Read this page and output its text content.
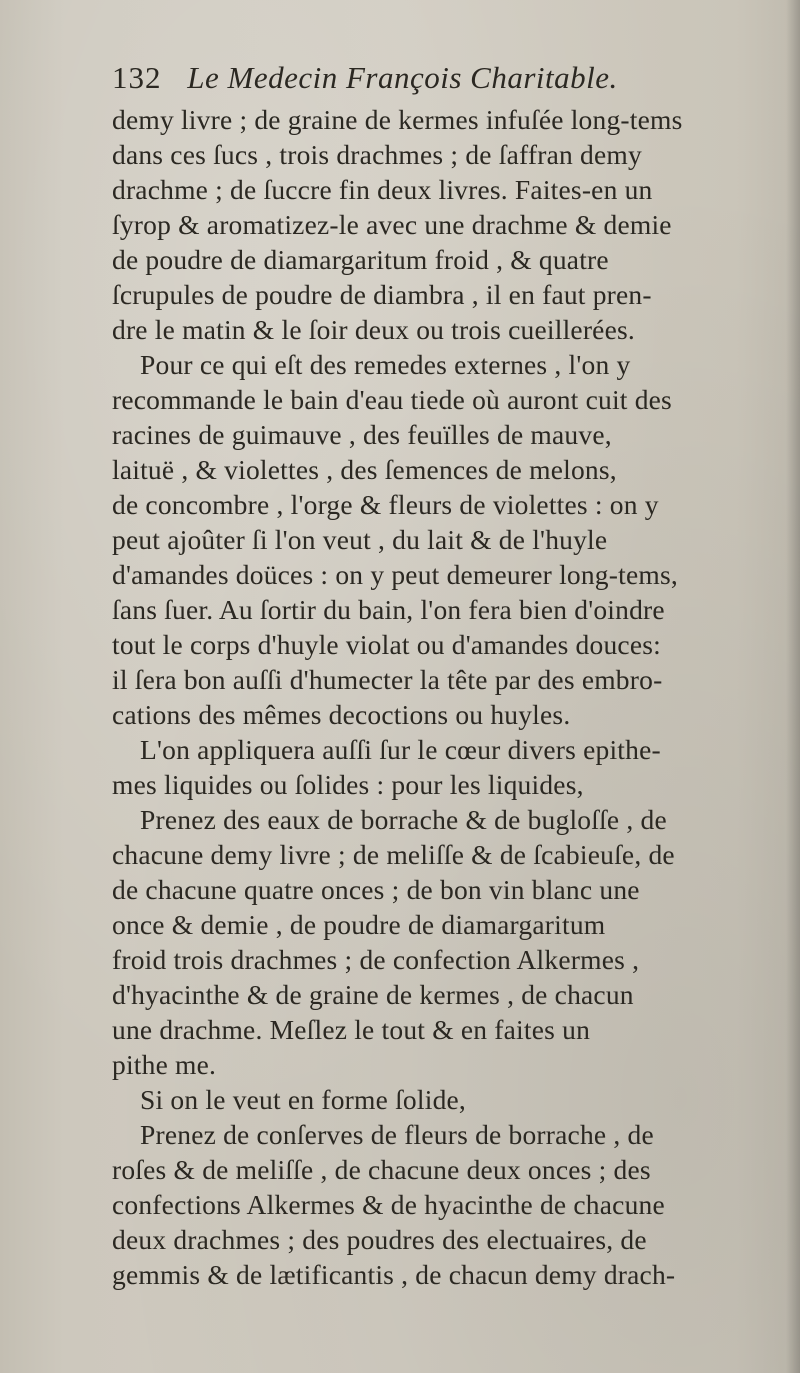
132 Le Medecin François Charitable.
demy livre ; de graine de kermes infuſée long-tems
dans ces ſucs , trois drachmes ; de ſaffran demy
drachme ; de ſuccre fin deux livres. Faites-en un
ſyrop & aromatizez-le avec une drachme & demie
de poudre de diamargaritum froid , & quatre
ſcrupules de poudre de diambra , il en faut pren-
dre le matin & le ſoir deux ou trois cueillerées.
Pour ce qui eſt des remedes externes , l'on y
recommande le bain d'eau tiede où auront cuit des
racines de guimauve , des feuïlles de mauve,
laituë , & violettes , des ſemences de melons,
de concombre , l'orge & fleurs de violettes : on y
peut ajoûter ſi l'on veut , du lait & de l'huyle
d'amandes doüces : on y peut demeurer long-tems,
ſans ſuer. Au ſortir du bain, l'on fera bien d'oindre
tout le corps d'huyle violat ou d'amandes douces:
il ſera bon auſſi d'humecter la tête par des embro-
cations des mêmes decoctions ou huyles.
L'on appliquera auſſi ſur le cœur divers epithe-
mes liquides ou ſolides : pour les liquides,
Prenez des eaux de borrache & de bugloſſe , de
chacune demy livre ; de meliſſe & de ſcabieuſe, de
de chacune quatre onces ; de bon vin blanc une
once & demie , de poudre de diamargaritum
froid trois drachmes ; de confection Alkermes ,
d'hyacinthe & de graine de kermes , de chacun
une drachme. Meſlez le tout & en faites un
pithe me.
Si on le veut en forme ſolide,
Prenez de conſerves de fleurs de borrache , de
roſes & de meliſſe , de chacune deux onces ; des
confections Alkermes & de hyacinthe de chacune
deux drachmes ; des poudres des electuaires, de
gemmis & de lætificantis , de chacun demy drach-
